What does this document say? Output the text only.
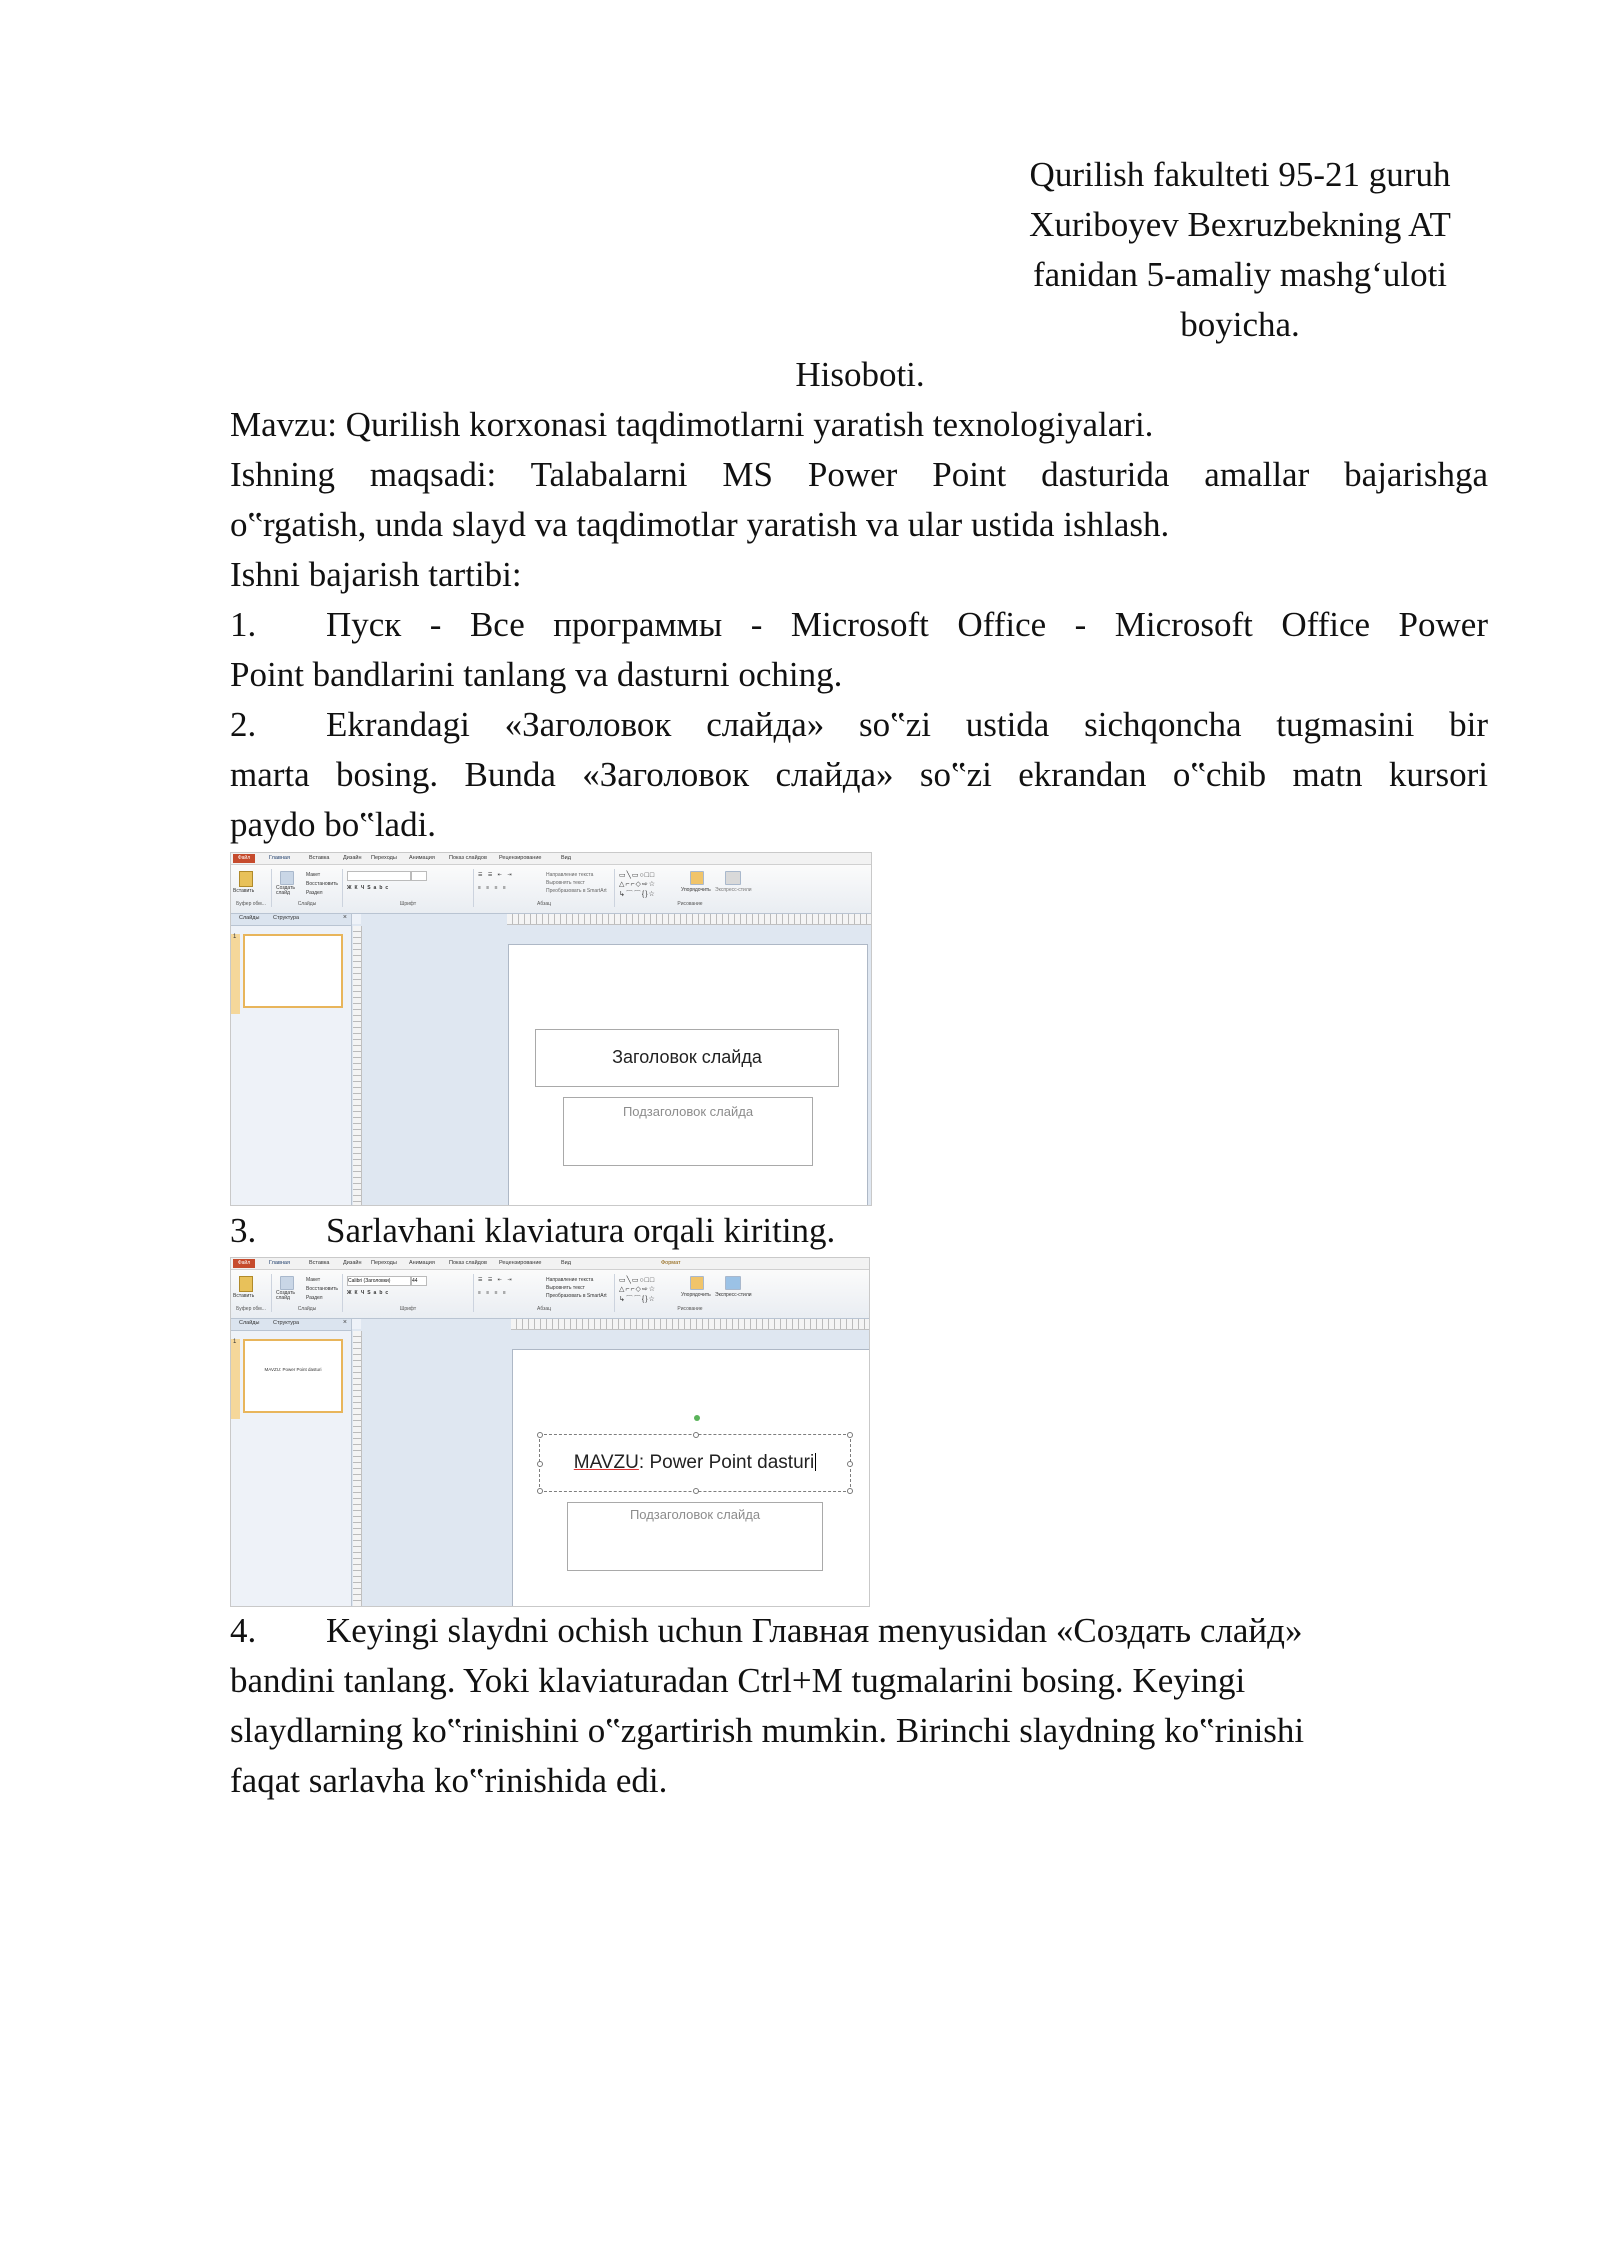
Qurilish fakulteti 95-21 guruh
Xuriboyev Bexruzbekning AT
fanidan 5-amaliy mashg‘uloti
boyicha.
Hisoboti.
Mavzu: Qurilish korxonasi taqdimotlarni yaratish texnologiyalari.
Ishning maqsadi: Talabalarni MS Power Point dasturida amallar bajarishga
o‟rgatish, unda slayd va taqdimotlar yaratish va ular ustida ishlash.
Ishni bajarish tartibi:
1. Пуск - Все программы - Microsoft Office - Microsoft Office Power
Point bandlarini tanlang va dasturni oching.
2. Ekrandagi «Заголовок слайда» so‟zi ustida sichqoncha tugmasini bir
marta bosing. Bunda «Заголовок слайда» so‟zi ekrandan o‟chib matn kursori
paydo bo‟ladi.
Файл	Главная	Вставка Дизайн Переходы Анимация	Показ слайдов Рецензирование	Вид
Вставить
Буфер обм...
Создать слайд
Макет
Восстановить
Раздел
Слайды
ЖКЧSabc
Шрифт
☰ ☰ ⇤ ⇥
≡ ≡ ≡ ≡
Направление текста
Выровнять текст
Преобразовать в SmartArt
Абзац
▭╲▭○□□
△⌐⌐◇⇨☆
↳⌒⌒{}☆
Упорядочить Экспресс-стили
Рисование
Слайды Структура	×
1
Заголовок слайда
Подзаголовок слайда
3. Sarlavhani klaviatura orqali kiriting.
Файл	Главная	Вставка Дизайн Переходы Анимация	Показ слайдов Рецензирование	Вид	Формат
Вставить
Буфер обм...
Создать слайд
Макет
Восстановить
Раздел
Слайды
Calibri (Заголовки)	44
ЖКЧSabc
Шрифт
☰ ☰ ⇤ ⇥
≡ ≡ ≡ ≡
Направление текста
Выровнять текст
Преобразовать в SmartArt
Абзац
▭╲▭○□□
△⌐⌐◇⇨☆
↳⌒⌒{}☆
Упорядочить Экспресс-стили
Рисование
Слайды Структура	×
1
MAVZU: Power Point dasturi
MAVZU: Power Point dasturi
Подзаголовок слайда
4. Keyingi slaydni ochish uchun Главная menyusidan «Создать слайд»
bandini tanlang. Yoki klaviaturadan Ctrl+M tugmalarini bosing. Keyingi
slaydlarning ko‟rinishini o‟zgartirish mumkin. Birinchi slaydning ko‟rinishi
faqat sarlavha ko‟rinishida edi.
